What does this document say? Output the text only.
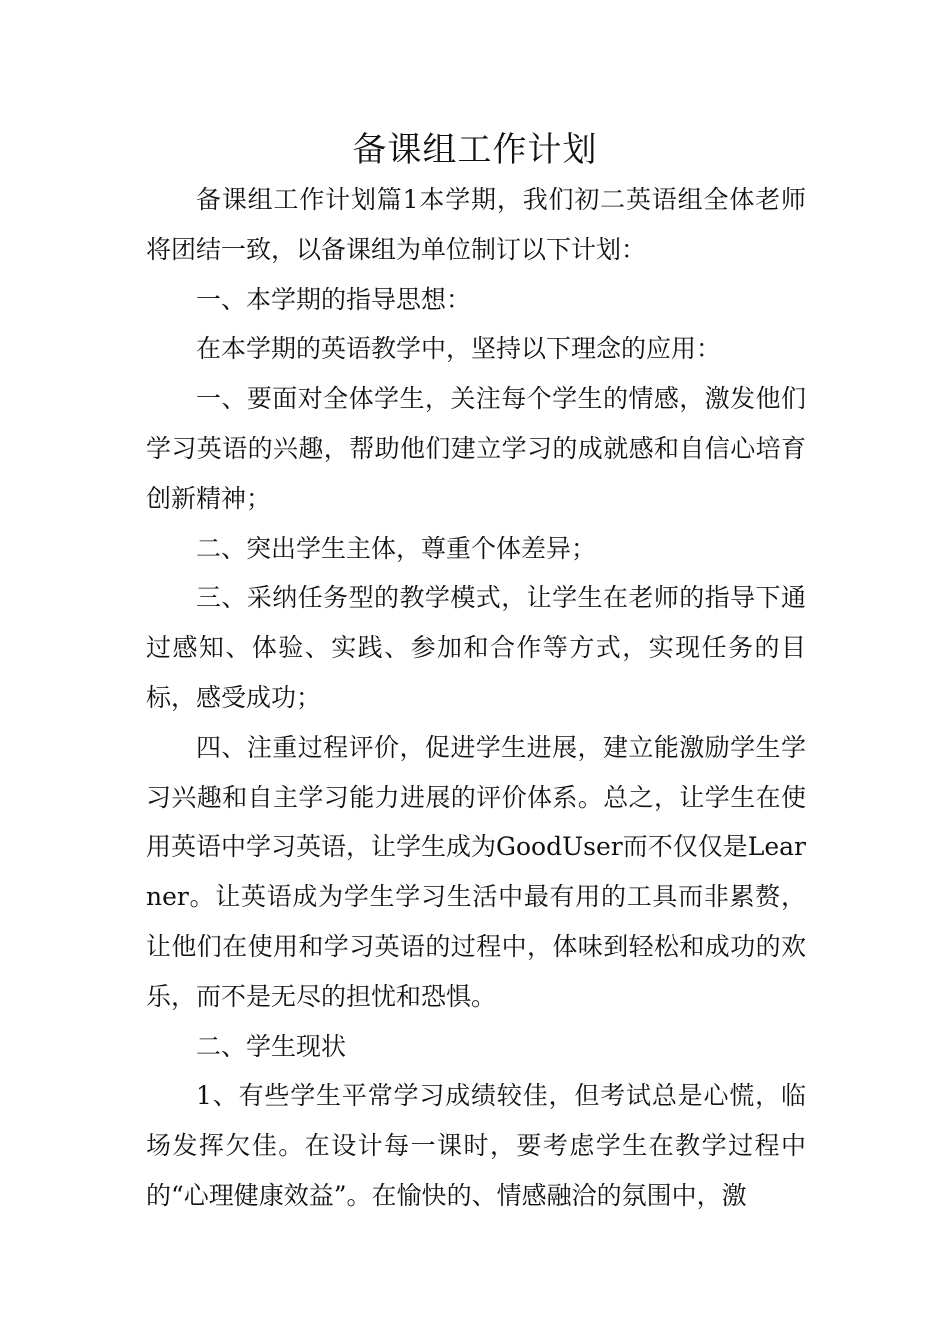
备课组工作计划

备课组工作计划篇1本学期，我们初二英语组全体老师将团结一致，以备课组为单位制订以下计划：

一、本学期的指导思想：

在本学期的英语教学中，坚持以下理念的应用：

一、要面对全体学生，关注每个学生的情感，激发他们学习英语的兴趣，帮助他们建立学习的成就感和自信心培育创新精神；

二、突出学生主体，尊重个体差异；

三、采纳任务型的教学模式，让学生在老师的指导下通过感知、体验、实践、参加和合作等方式，实现任务的目标，感受成功；

四、注重过程评价，促进学生进展，建立能激励学生学习兴趣和自主学习能力进展的评价体系。总之，让学生在使用英语中学习英语，让学生成为GoodUser而不仅仅是Learner。让英语成为学生学习生活中最有用的工具而非累赘，让他们在使用和学习英语的过程中，体味到轻松和成功的欢乐，而不是无尽的担忧和恐惧。

二、学生现状

1、有些学生平常学习成绩较佳，但考试总是心慌，临场发挥欠佳。在设计每一课时，要考虑学生在教学过程中的“心理健康效益”。在愉快的、情感融洽的氛围中，激
